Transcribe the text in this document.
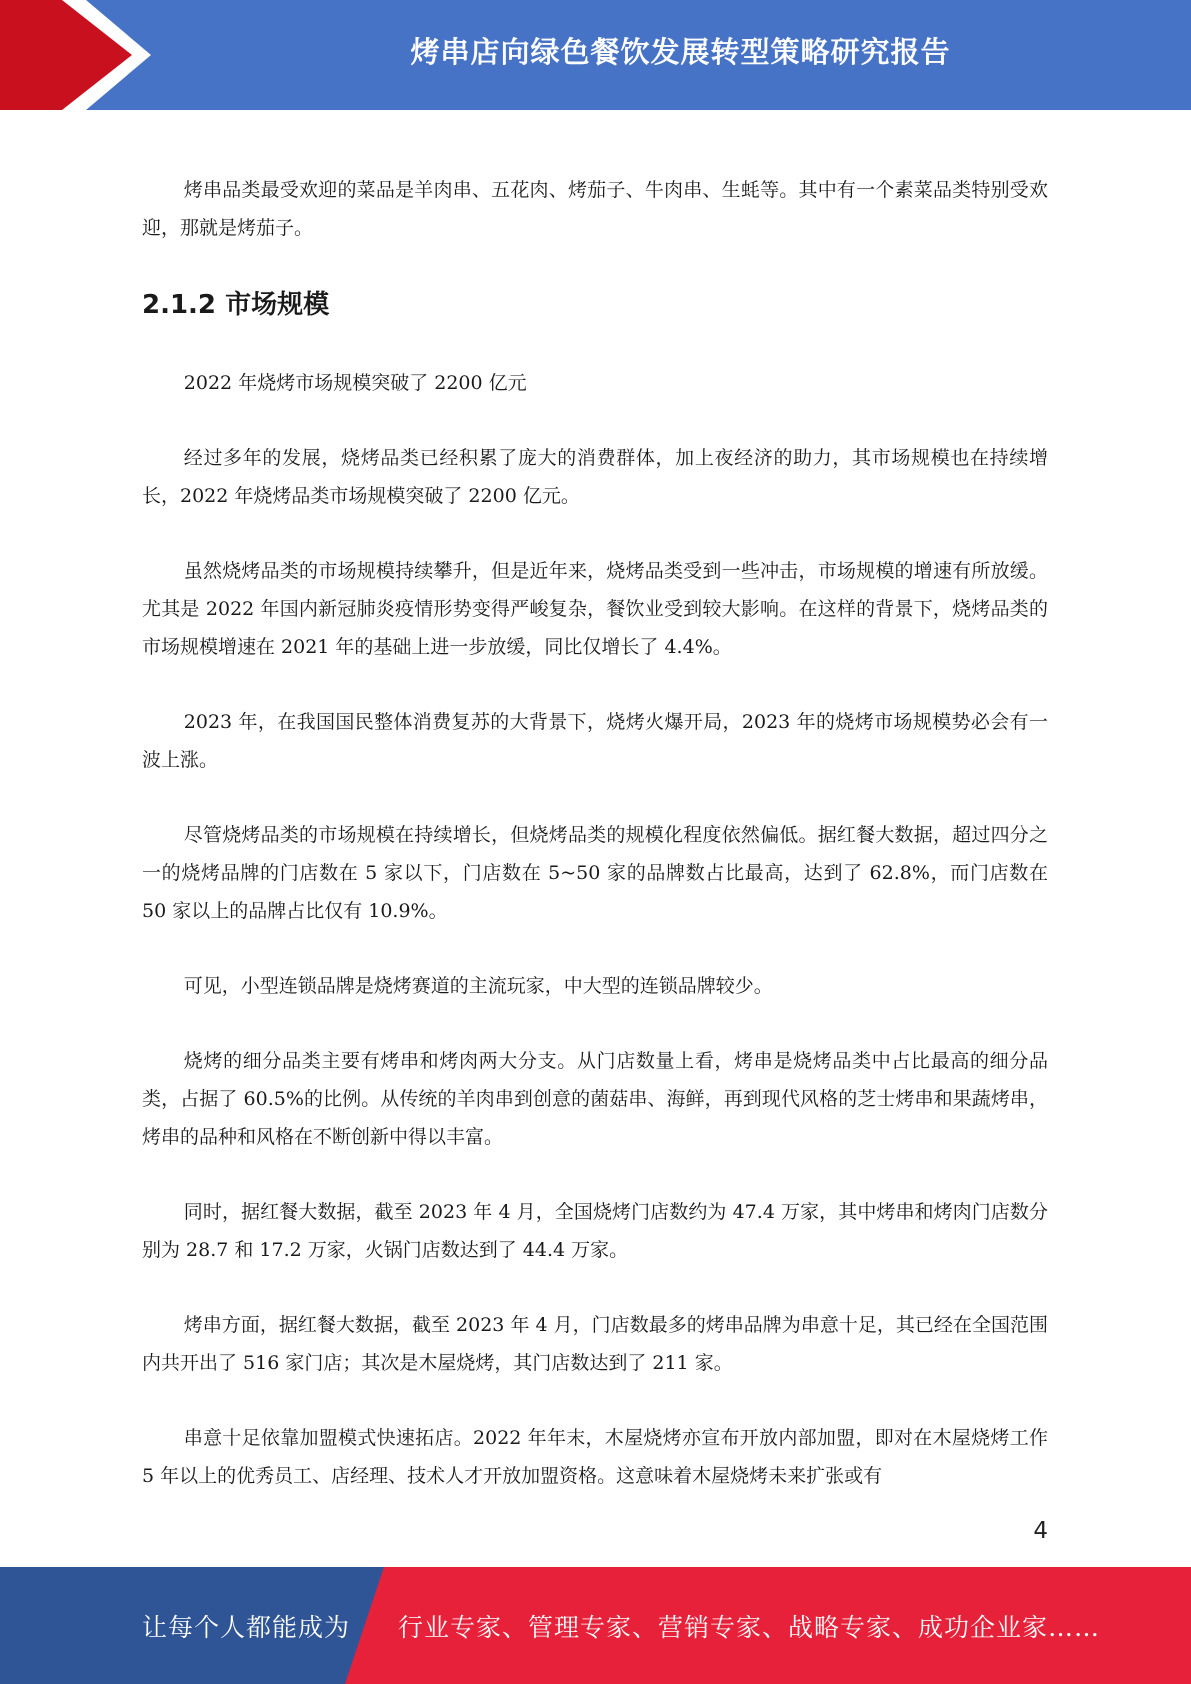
烤串店向绿色餐饮发展转型策略研究报告

烤串品类最受欢迎的菜品是羊肉串、五花肉、烤茄子、牛肉串、生蚝等。其中有一个素菜品类特别受欢迎，那就是烤茄子。

2.1.2 市场规模

2022 年烧烤市场规模突破了 2200 亿元

经过多年的发展，烧烤品类已经积累了庞大的消费群体，加上夜经济的助力，其市场规模也在持续增长，2022 年烧烤品类市场规模突破了 2200 亿元。

虽然烧烤品类的市场规模持续攀升，但是近年来，烧烤品类受到一些冲击，市场规模的增速有所放缓。尤其是 2022 年国内新冠肺炎疫情形势变得严峻复杂，餐饮业受到较大影响。在这样的背景下，烧烤品类的市场规模增速在 2021 年的基础上进一步放缓，同比仅增长了 4.4%。

2023 年，在我国国民整体消费复苏的大背景下，烧烤火爆开局，2023 年的烧烤市场规模势必会有一波上涨。

尽管烧烤品类的市场规模在持续增长，但烧烤品类的规模化程度依然偏低。据红餐大数据，超过四分之一的烧烤品牌的门店数在 5 家以下，门店数在 5~50 家的品牌数占比最高，达到了 62.8%，而门店数在 50 家以上的品牌占比仅有 10.9%。

可见，小型连锁品牌是烧烤赛道的主流玩家，中大型的连锁品牌较少。

烧烤的细分品类主要有烤串和烤肉两大分支。从门店数量上看，烤串是烧烤品类中占比最高的细分品类，占据了 60.5%的比例。从传统的羊肉串到创意的菌菇串、海鲜，再到现代风格的芝士烤串和果蔬烤串，烤串的品种和风格在不断创新中得以丰富。

同时，据红餐大数据，截至 2023 年 4 月，全国烧烤门店数约为 47.4 万家，其中烤串和烤肉门店数分别为 28.7 和 17.2 万家，火锅门店数达到了 44.4 万家。

烤串方面，据红餐大数据，截至 2023 年 4 月，门店数最多的烤串品牌为串意十足，其已经在全国范围内共开出了 516 家门店；其次是木屋烧烤，其门店数达到了 211 家。

串意十足依靠加盟模式快速拓店。2022 年年末，木屋烧烤亦宣布开放内部加盟，即对在木屋烧烤工作 5 年以上的优秀员工、店经理、技术人才开放加盟资格。这意味着木屋烧烤未来扩张或有

4
让每个人都能成为 行业专家、管理专家、营销专家、战略专家、成功企业家……
